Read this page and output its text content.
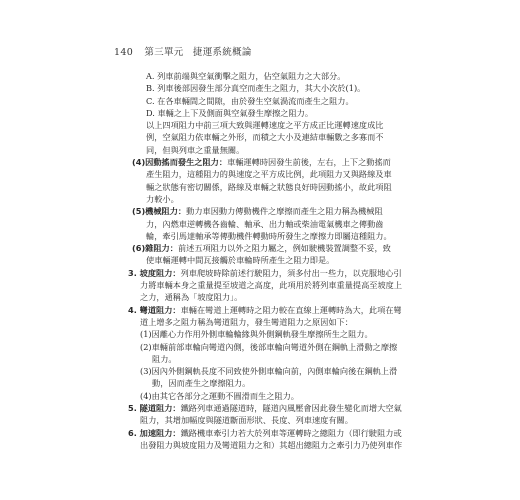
140 第三單元 捷運系統概論
A. 列車前端與空氣衝擊之阻力，佔空氣阻力之大部分。
B. 列車後部因發生部分真空而產生之阻力，其大小次於(1)。
C. 在各車輛間之間隙，由於發生空氣渦流而產生之阻力。
D. 車輛之上下及側面與空氣發生摩擦之阻力。
以上四項阻力中前三項大致與運轉速度之平方成正比運轉速度成比
例，空氣阻力依車輛之外形，而積之大小及連結車輛數之多寡而不
同，但與列車之重量無關。
(4)因動搖而發生之阻力：車輛運轉時因發生前後，左右，上下之動搖而
產生阻力，這種阻力的與速度之平方成比例，此項阻力又與路線及車
輛之狀態有密切關係，路線及車輛之狀態良好時因動搖小，故此項阻
力較小。
(5)機械阻力：動力車因動力傳動機件之摩擦而產生之阻力稱為機械阻
力，內燃車逆轉機各齒輪、軸承、出力軸或柴油電氣機車之傳動齒
輪，牽引馬達軸承等傳動機件轉動時所發生之摩擦力即屬這種阻力。
(6)雜阻力：前述五項阻力以外之阻力屬之，例如駛機裝置調整不妥，致
使車輛運轉中間瓦接觸於車輪時所產生之阻力即是。
3. 坡度阻力：列車爬坡時除前述行駛阻力，須多付出一些力，以克服地心引
力將車輛本身之重量提至坡道之高度，此項用於將列車重量提高至坡度上
之力，通稱為「坡度阻力」。
4. 彎道阻力：車輛在彎道上運轉時之阻力較在直線上運轉時為大，此項在彎
道上增多之阻力稱為彎道阻力，發生彎道阻力之原因如下：
(1)因離心力作用外側車輪輪緣與外側鋼軌發生摩擦所生之阻力。
(2)車輛前部車輪向彎道內側，後部車輪向彎道外側在鋼軌上滑動之摩擦
阻力。
(3)因內外側鋼軌長度不同致使外側車輪向前，內側車輪向後在鋼軌上滑
動，因而產生之摩擦阻力。
(4)由其它各部分之運動不圓滑而生之阻力。
5. 隧道阻力：鐵路列車通過隧道時，隧道內風壓會因此發生變化而增大空氣
阻力，其增加幅度與隧道斷面形狀、長度、列車速度有關。
6. 加速阻力：鐵路機車牽引力若大於列車等運轉時之總阻力（即行駛阻力或
出發阻力與坡度阻力及彎道阻力之和）其超出總阻力之牽引力乃使列車作
